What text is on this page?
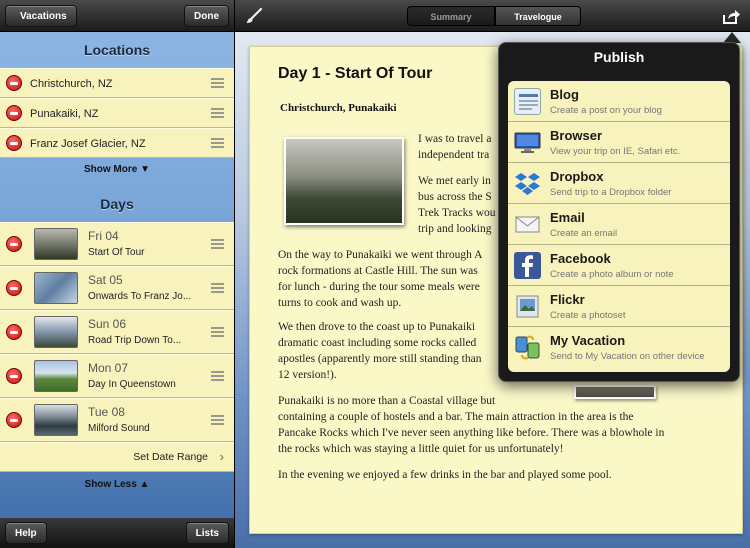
Vacations	Done
Locations
Christchurch, NZ
Punakaiki, NZ
Franz Josef Glacier, NZ
Show More ▼
Days
Fri 04
Start Of Tour
Sat 05
Onwards To Franz Jo...
Sun 06
Road Trip Down To...
Mon 07
Day In Queenstown
Tue 08
Milford Sound
Set Date Range ›
Show Less ▲
Help	Lists
Summary	Travelogue
Day 1 - Start Of Tour
Christchurch, Punakaiki
I was to travel a
independent tra
We met early in
bus across the S
Trek Tracks wou
trip and looking
On the way to Punakaiki we went through A
rock formations at Castle Hill. The sun was
for lunch - during the tour some meals were
turns to cook and wash up.
We then drove to the coast up to Punakaiki
dramatic coast including some rocks called
apostles (apparently more still standing than
12 version!).
Punakaiki is no more than a Coastal village but
containing a couple of hostels and a bar. The main attraction in the area is the
Pancake Rocks which I've never seen anything like before. There was a blowhole in
the rocks which was staying a little quiet for us unfortunately!
In the evening we enjoyed a few drinks in the bar and played some pool.
Publish
Blog
Create a post on your blog
Browser
View your trip on IE, Safari etc.
Dropbox
Send trip to a Dropbox folder
Email
Create an email
Facebook
Create a photo album or note
Flickr
Create a photoset
My Vacation
Send to My Vacation on other device
